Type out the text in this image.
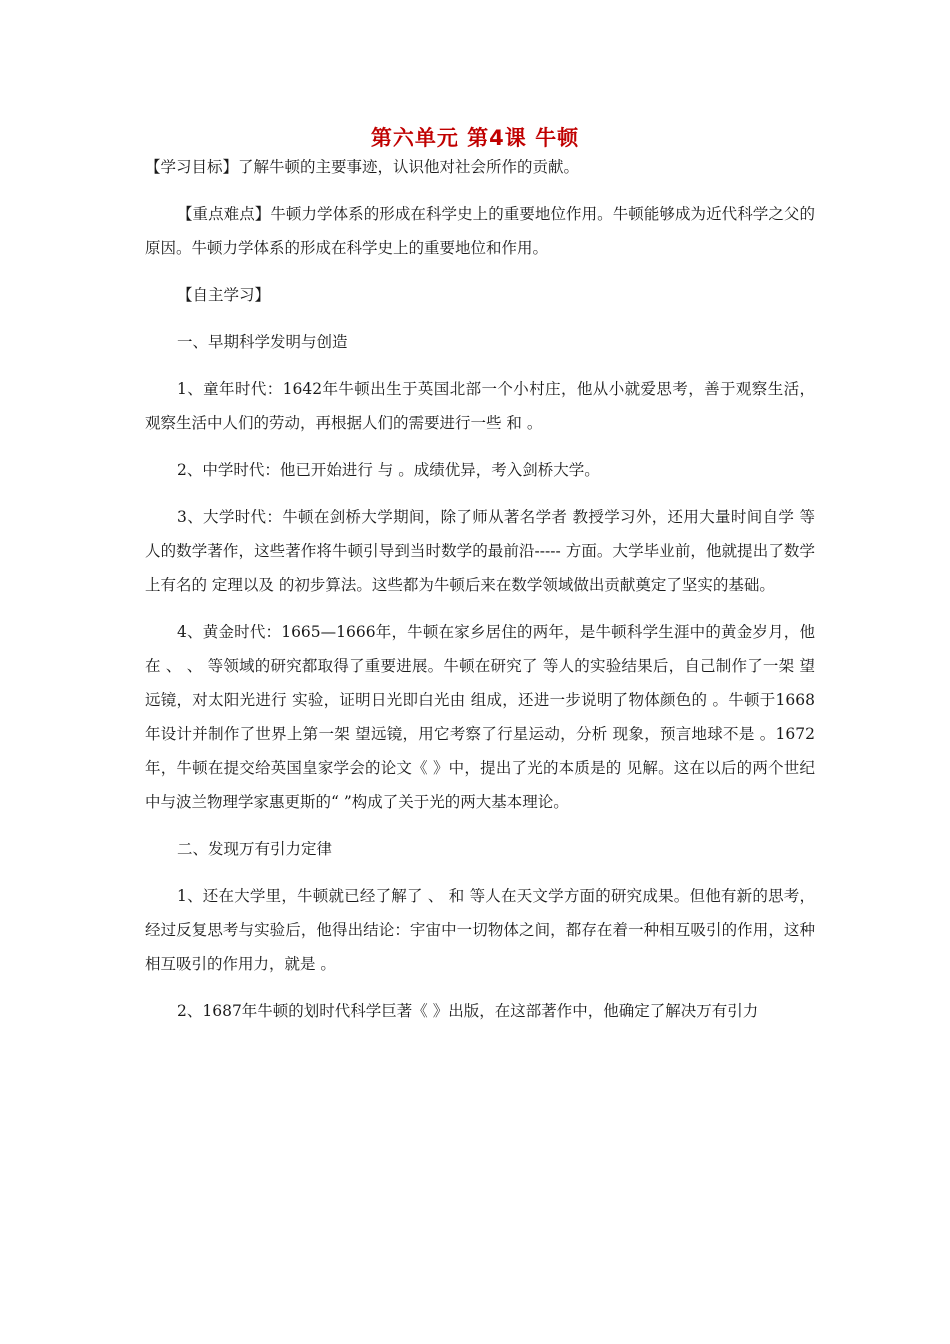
第六单元 第4课 牛顿

【学习目标】了解牛顿的主要事迹，认识他对社会所作的贡献。

【重点难点】牛顿力学体系的形成在科学史上的重要地位作用。牛顿能够成为近代科学之父的原因。牛顿力学体系的形成在科学史上的重要地位和作用。

【自主学习】

一、早期科学发明与创造

1、童年时代：1642年牛顿出生于英国北部一个小村庄，他从小就爱思考，善于观察生活，观察生活中人们的劳动，再根据人们的需要进行一些 和 。

2、中学时代：他已开始进行 与 。成绩优异，考入剑桥大学。

3、大学时代：牛顿在剑桥大学期间，除了师从著名学者 教授学习外，还用大量时间自学 等人的数学著作，这些著作将牛顿引导到当时数学的最前沿----- 方面。大学毕业前，他就提出了数学上有名的 定理以及 的初步算法。这些都为牛顿后来在数学领域做出贡献奠定了坚实的基础。

4、黄金时代：1665—1666年，牛顿在家乡居住的两年，是牛顿科学生涯中的黄金岁月，他在 、 、 等领域的研究都取得了重要进展。牛顿在研究了 等人的实验结果后，自己制作了一架 望远镜，对太阳光进行 实验，证明日光即白光由 组成，还进一步说明了物体颜色的 。牛顿于1668年设计并制作了世界上第一架 望远镜，用它考察了行星运动，分析 现象，预言地球不是 。1672年，牛顿在提交给英国皇家学会的论文《 》中，提出了光的本质是的 见解。这在以后的两个世纪中与波兰物理学家惠更斯的“ ”构成了关于光的两大基本理论。

二、发现万有引力定律

1、还在大学里，牛顿就已经了解了 、 和 等人在天文学方面的研究成果。但他有新的思考，经过反复思考与实验后，他得出结论：宇宙中一切物体之间，都存在着一种相互吸引的作用，这种相互吸引的作用力，就是 。

2、1687年牛顿的划时代科学巨著《 》出版，在这部著作中，他确定了解决万有引力
